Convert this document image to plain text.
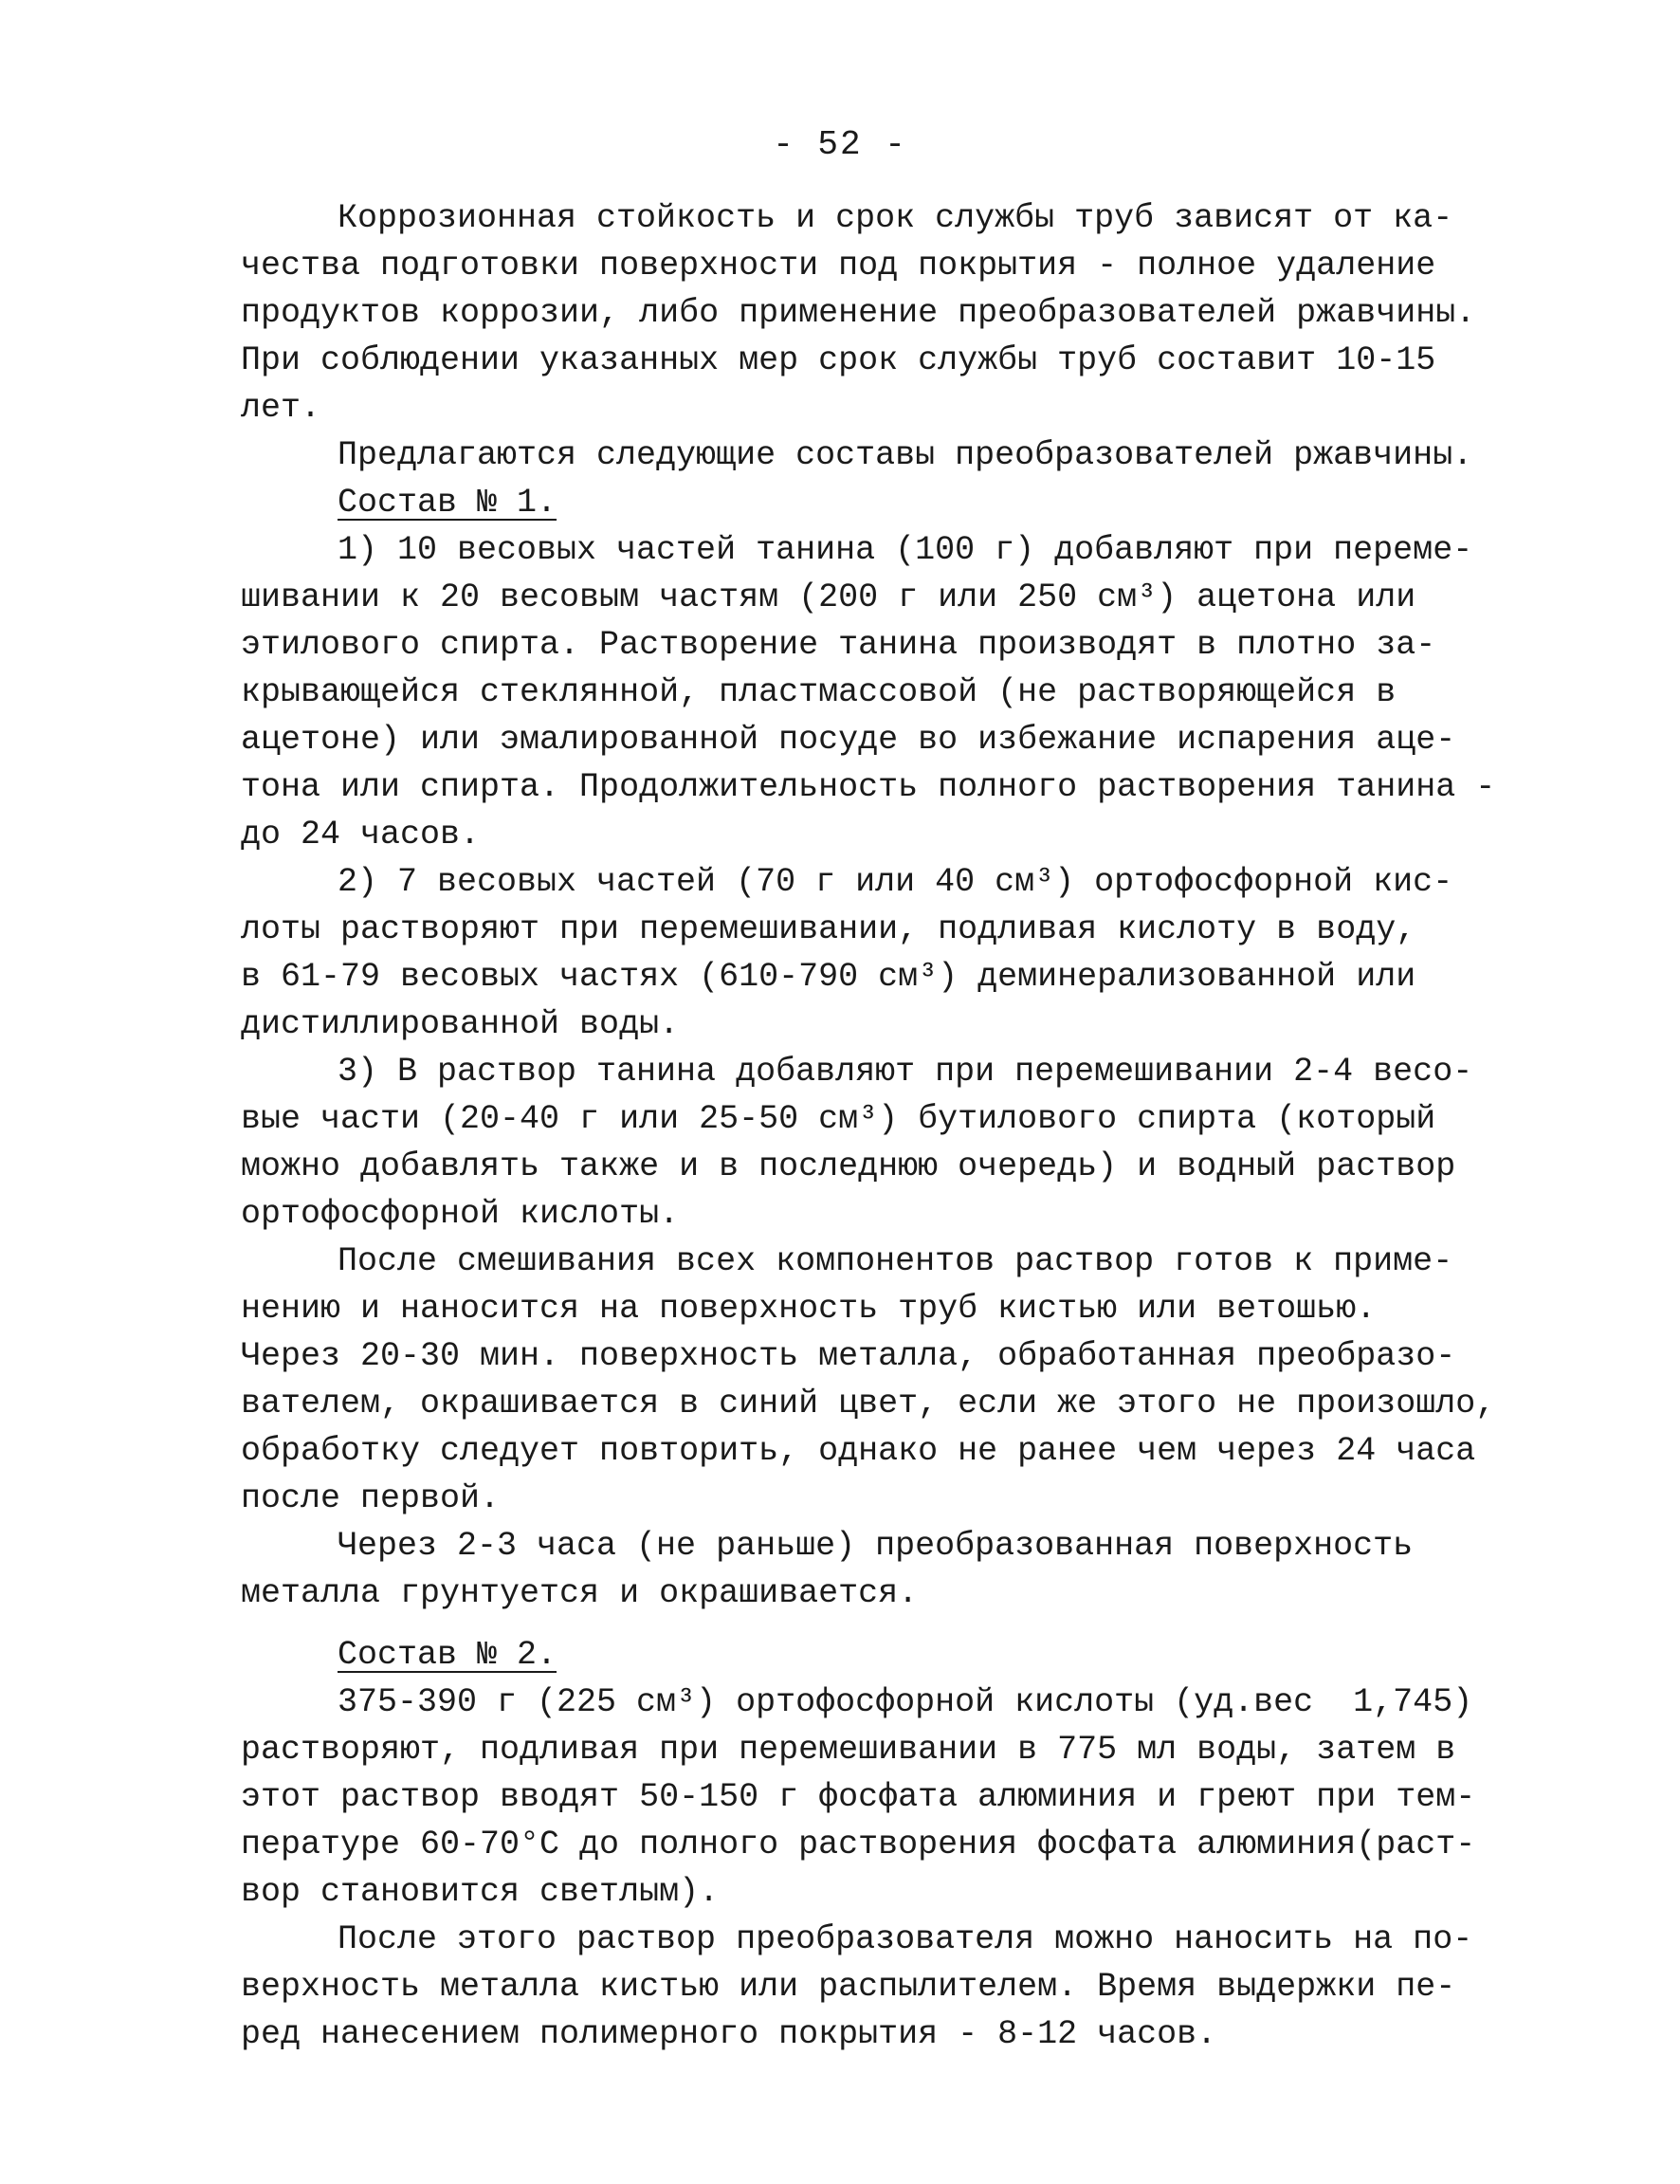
- 52 -
Коррозионная стойкость и срок службы труб зависят от ка-
чества подготовки поверхности под покрытия - полное удаление
продуктов коррозии, либо применение преобразователей ржавчины.
При соблюдении указанных мер срок службы труб составит 10-15
лет.
Предлагаются следующие составы преобразователей ржавчины.
Состав № 1.
1) 10 весовых частей танина (100 г) добавляют при переме-
шивании к 20 весовым частям (200 г или 250 см³) ацетона или
этилового спирта. Растворение танина производят в плотно за-
крывающейся стеклянной, пластмассовой (не растворяющейся в
ацетоне) или эмалированной посуде во избежание испарения аце-
тона или спирта. Продолжительность полного растворения танина -
до 24 часов.
2) 7 весовых частей (70 г или 40 см³) ортофосфорной кис-
лоты растворяют при перемешивании, подливая кислоту в воду,
в 61-79 весовых частях (610-790 см³) деминерализованной или
дистиллированной воды.
3) В раствор танина добавляют при перемешивании 2-4 весо-
вые части (20-40 г или 25-50 см³) бутилового спирта (который
можно добавлять также и в последнюю очередь) и водный раствор
ортофосфорной кислоты.
После смешивания всех компонентов раствор готов к приме-
нению и наносится на поверхность труб кистью или ветошью.
Через 20-30 мин. поверхность металла, обработанная преобразо-
вателем, окрашивается в синий цвет, если же этого не произошло,
обработку следует повторить, однако не ранее чем через 24 часа
после первой.
Через 2-3 часа (не раньше) преобразованная поверхность
металла грунтуется и окрашивается.
Состав № 2.
375-390 г (225 см³) ортофосфорной кислоты (уд.вес  1,745)
растворяют, подливая при перемешивании в 775 мл воды, затем в
этот раствор вводят 50-150 г фосфата алюминия и греют при тем-
пературе 60-70°С до полного растворения фосфата алюминия(раст-
вор становится светлым).
После этого раствор преобразователя можно наносить на по-
верхность металла кистью или распылителем. Время выдержки пе-
ред нанесением полимерного покрытия - 8-12 часов.
